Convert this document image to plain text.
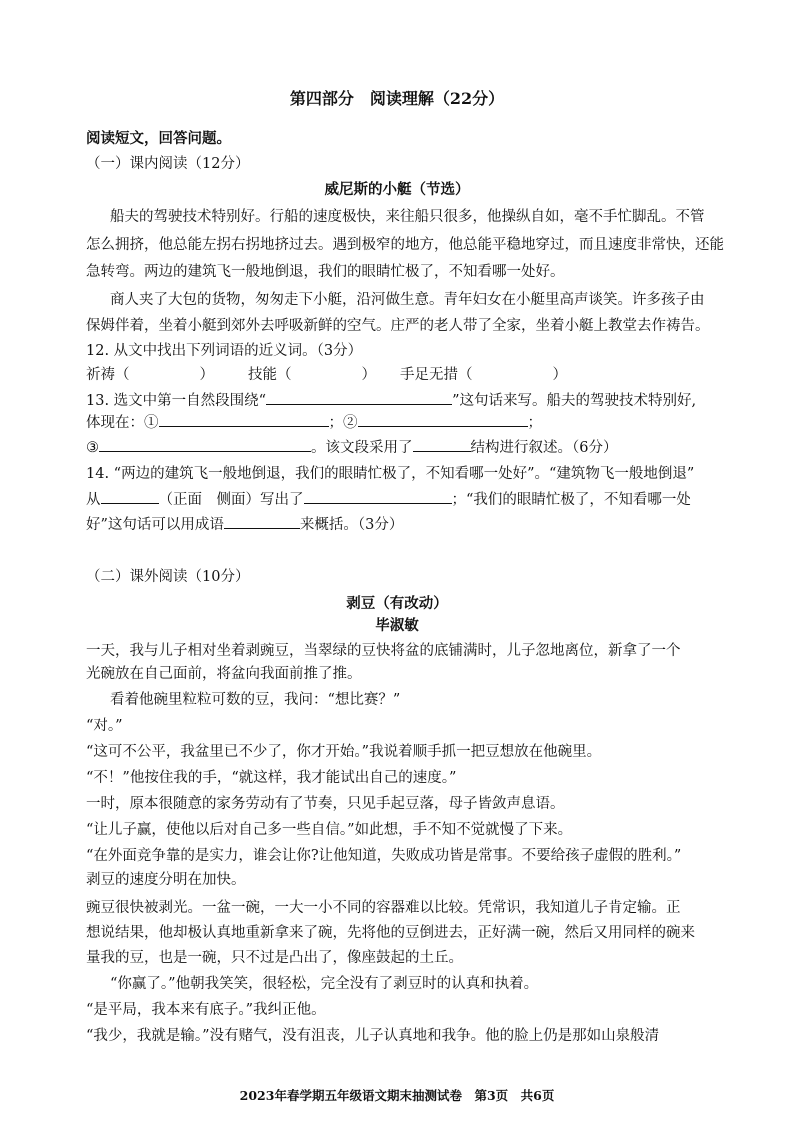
第四部分　阅读理解（22分）
阅读短文，回答问题。
（一）课内阅读（12分）
威尼斯的小艇（节选）
船夫的驾驶技术特别好。行船的速度极快，来往船只很多，他操纵自如，毫不手忙脚乱。不管
怎么拥挤，他总能左拐右拐地挤过去。遇到极窄的地方，他总能平稳地穿过，而且速度非常快，还能
急转弯。两边的建筑飞一般地倒退，我们的眼睛忙极了，不知看哪一处好。
商人夹了大包的货物，匆匆走下小艇，沿河做生意。青年妇女在小艇里高声谈笑。许多孩子由
保姆伴着，坐着小艇到郊外去呼吸新鲜的空气。庄严的老人带了全家，坐着小艇上教堂去作祷告。
12. 从文中找出下列词语的近义词。（3分）
祈祷（	） 技能（	） 手足无措（	）
13. 选文中第一自然段围绕“	”这句话来写。船夫的驾驶技术特别好,
体现在：①	；②	；
③	。该文段采用了	结构进行叙述。（6分）
14. “两边的建筑飞一般地倒退，我们的眼睛忙极了，不知看哪一处好”。“建筑物飞一般地倒退”
从	（正面　侧面）写出了	；“我们的眼睛忙极了，不知看哪一处
好”这句话可以用成语	来概括。（3分）
（二）课外阅读（10分）
剥豆（有改动）
毕淑敏
一天，我与儿子相对坐着剥豌豆，当翠绿的豆快将盆的底铺满时，儿子忽地离位，新拿了一个
光碗放在自己面前，将盆向我面前推了推。
看着他碗里粒粒可数的豆，我问：“想比赛？”
“对。”
“这可不公平，我盆里已不少了，你才开始。”我说着顺手抓一把豆想放在他碗里。
“不！”他按住我的手，“就这样，我才能试出自己的速度。”
一时，原本很随意的家务劳动有了节奏，只见手起豆落，母子皆敛声息语。
“让儿子赢，使他以后对自己多一些自信。”如此想，手不知不觉就慢了下来。
“在外面竞争靠的是实力，谁会让你?让他知道，失败成功皆是常事。不要给孩子虚假的胜利。”
剥豆的速度分明在加快。
豌豆很快被剥光。一盆一碗，一大一小不同的容器难以比较。凭常识，我知道儿子肯定输。正
想说结果，他却极认真地重新拿来了碗，先将他的豆倒进去，正好满一碗，然后又用同样的碗来
量我的豆，也是一碗，只不过是凸出了，像座鼓起的土丘。
“你赢了。”他朝我笑笑，很轻松，完全没有了剥豆时的认真和执着。
“是平局，我本来有底子。”我纠正他。
“我少，我就是输。”没有赌气，没有沮丧，儿子认真地和我争。他的脸上仍是那如山泉般清
2023年春学期五年级语文期末抽测试卷　第3页　共6页
